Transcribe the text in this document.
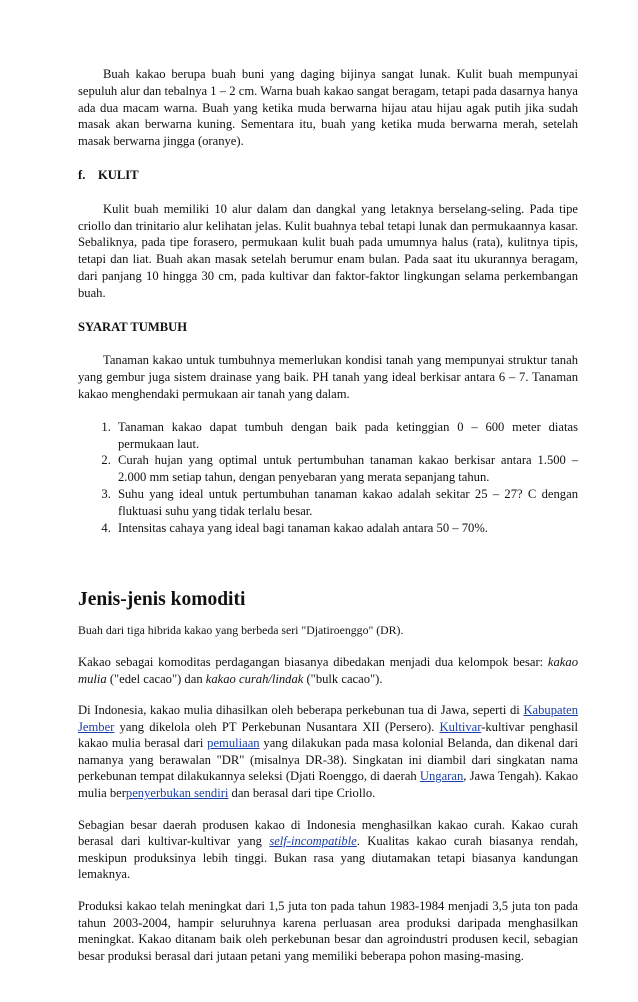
Buah kakao berupa buah buni yang daging bijinya sangat lunak. Kulit buah mempunyai sepuluh alur dan tebalnya 1 – 2 cm. Warna buah kakao sangat beragam, tetapi pada dasarnya hanya ada dua macam warna. Buah yang ketika muda berwarna hijau atau hijau agak putih jika sudah masak akan berwarna kuning. Sementara itu, buah yang ketika muda berwarna merah, setelah masak berwarna jingga (oranye).

f. KULIT

Kulit buah memiliki 10 alur dalam dan dangkal yang letaknya berselang-seling. Pada tipe criollo dan trinitario alur kelihatan jelas. Kulit buahnya tebal tetapi lunak dan permukaannya kasar. Sebaliknya, pada tipe forasero, permukaan kulit buah pada umumnya halus (rata), kulitnya tipis, tetapi dan liat. Buah akan masak setelah berumur enam bulan. Pada saat itu ukurannya beragam, dari panjang 10 hingga 30 cm, pada kultivar dan faktor-faktor lingkungan selama perkembangan buah.

SYARAT TUMBUH

Tanaman kakao untuk tumbuhnya memerlukan kondisi tanah yang mempunyai struktur tanah yang gembur juga sistem drainase yang baik. PH tanah yang ideal berkisar antara 6 – 7. Tanaman kakao menghendaki permukaan air tanah yang dalam.

1. Tanaman kakao dapat tumbuh dengan baik pada ketinggian 0 – 600 meter diatas permukaan laut.
2. Curah hujan yang optimal untuk pertumbuhan tanaman kakao berkisar antara 1.500 – 2.000 mm setiap tahun, dengan penyebaran yang merata sepanjang tahun.
3. Suhu yang ideal untuk pertumbuhan tanaman kakao adalah sekitar 25 – 27? C dengan fluktuasi suhu yang tidak terlalu besar.
4. Intensitas cahaya yang ideal bagi tanaman kakao adalah antara 50 – 70%.
Jenis-jenis komoditi

Buah dari tiga hibrida kakao yang berbeda seri "Djatiroenggo" (DR).

Kakao sebagai komoditas perdagangan biasanya dibedakan menjadi dua kelompok besar: kakao mulia ("edel cacao") dan kakao curah/lindak ("bulk cacao").

Di Indonesia, kakao mulia dihasilkan oleh beberapa perkebunan tua di Jawa, seperti di Kabupaten Jember yang dikelola oleh PT Perkebunan Nusantara XII (Persero). Kultivar-kultivar penghasil kakao mulia berasal dari pemuliaan yang dilakukan pada masa kolonial Belanda, dan dikenal dari namanya yang berawalan "DR" (misalnya DR-38). Singkatan ini diambil dari singkatan nama perkebunan tempat dilakukannya seleksi (Djati Roenggo, di daerah Ungaran, Jawa Tengah). Kakao mulia berpenyerbukan sendiri dan berasal dari tipe Criollo.

Sebagian besar daerah produsen kakao di Indonesia menghasilkan kakao curah. Kakao curah berasal dari kultivar-kultivar yang self-incompatible. Kualitas kakao curah biasanya rendah, meskipun produksinya lebih tinggi. Bukan rasa yang diutamakan tetapi biasanya kandungan lemaknya.

Produksi kakao telah meningkat dari 1,5 juta ton pada tahun 1983-1984 menjadi 3,5 juta ton pada tahun 2003-2004, hampir seluruhnya karena perluasan area produksi daripada menghasilkan meningkat. Kakao ditanam baik oleh perkebunan besar dan agroindustri produsen kecil, sebagian besar produksi berasal dari jutaan petani yang memiliki beberapa pohon masing-masing.
